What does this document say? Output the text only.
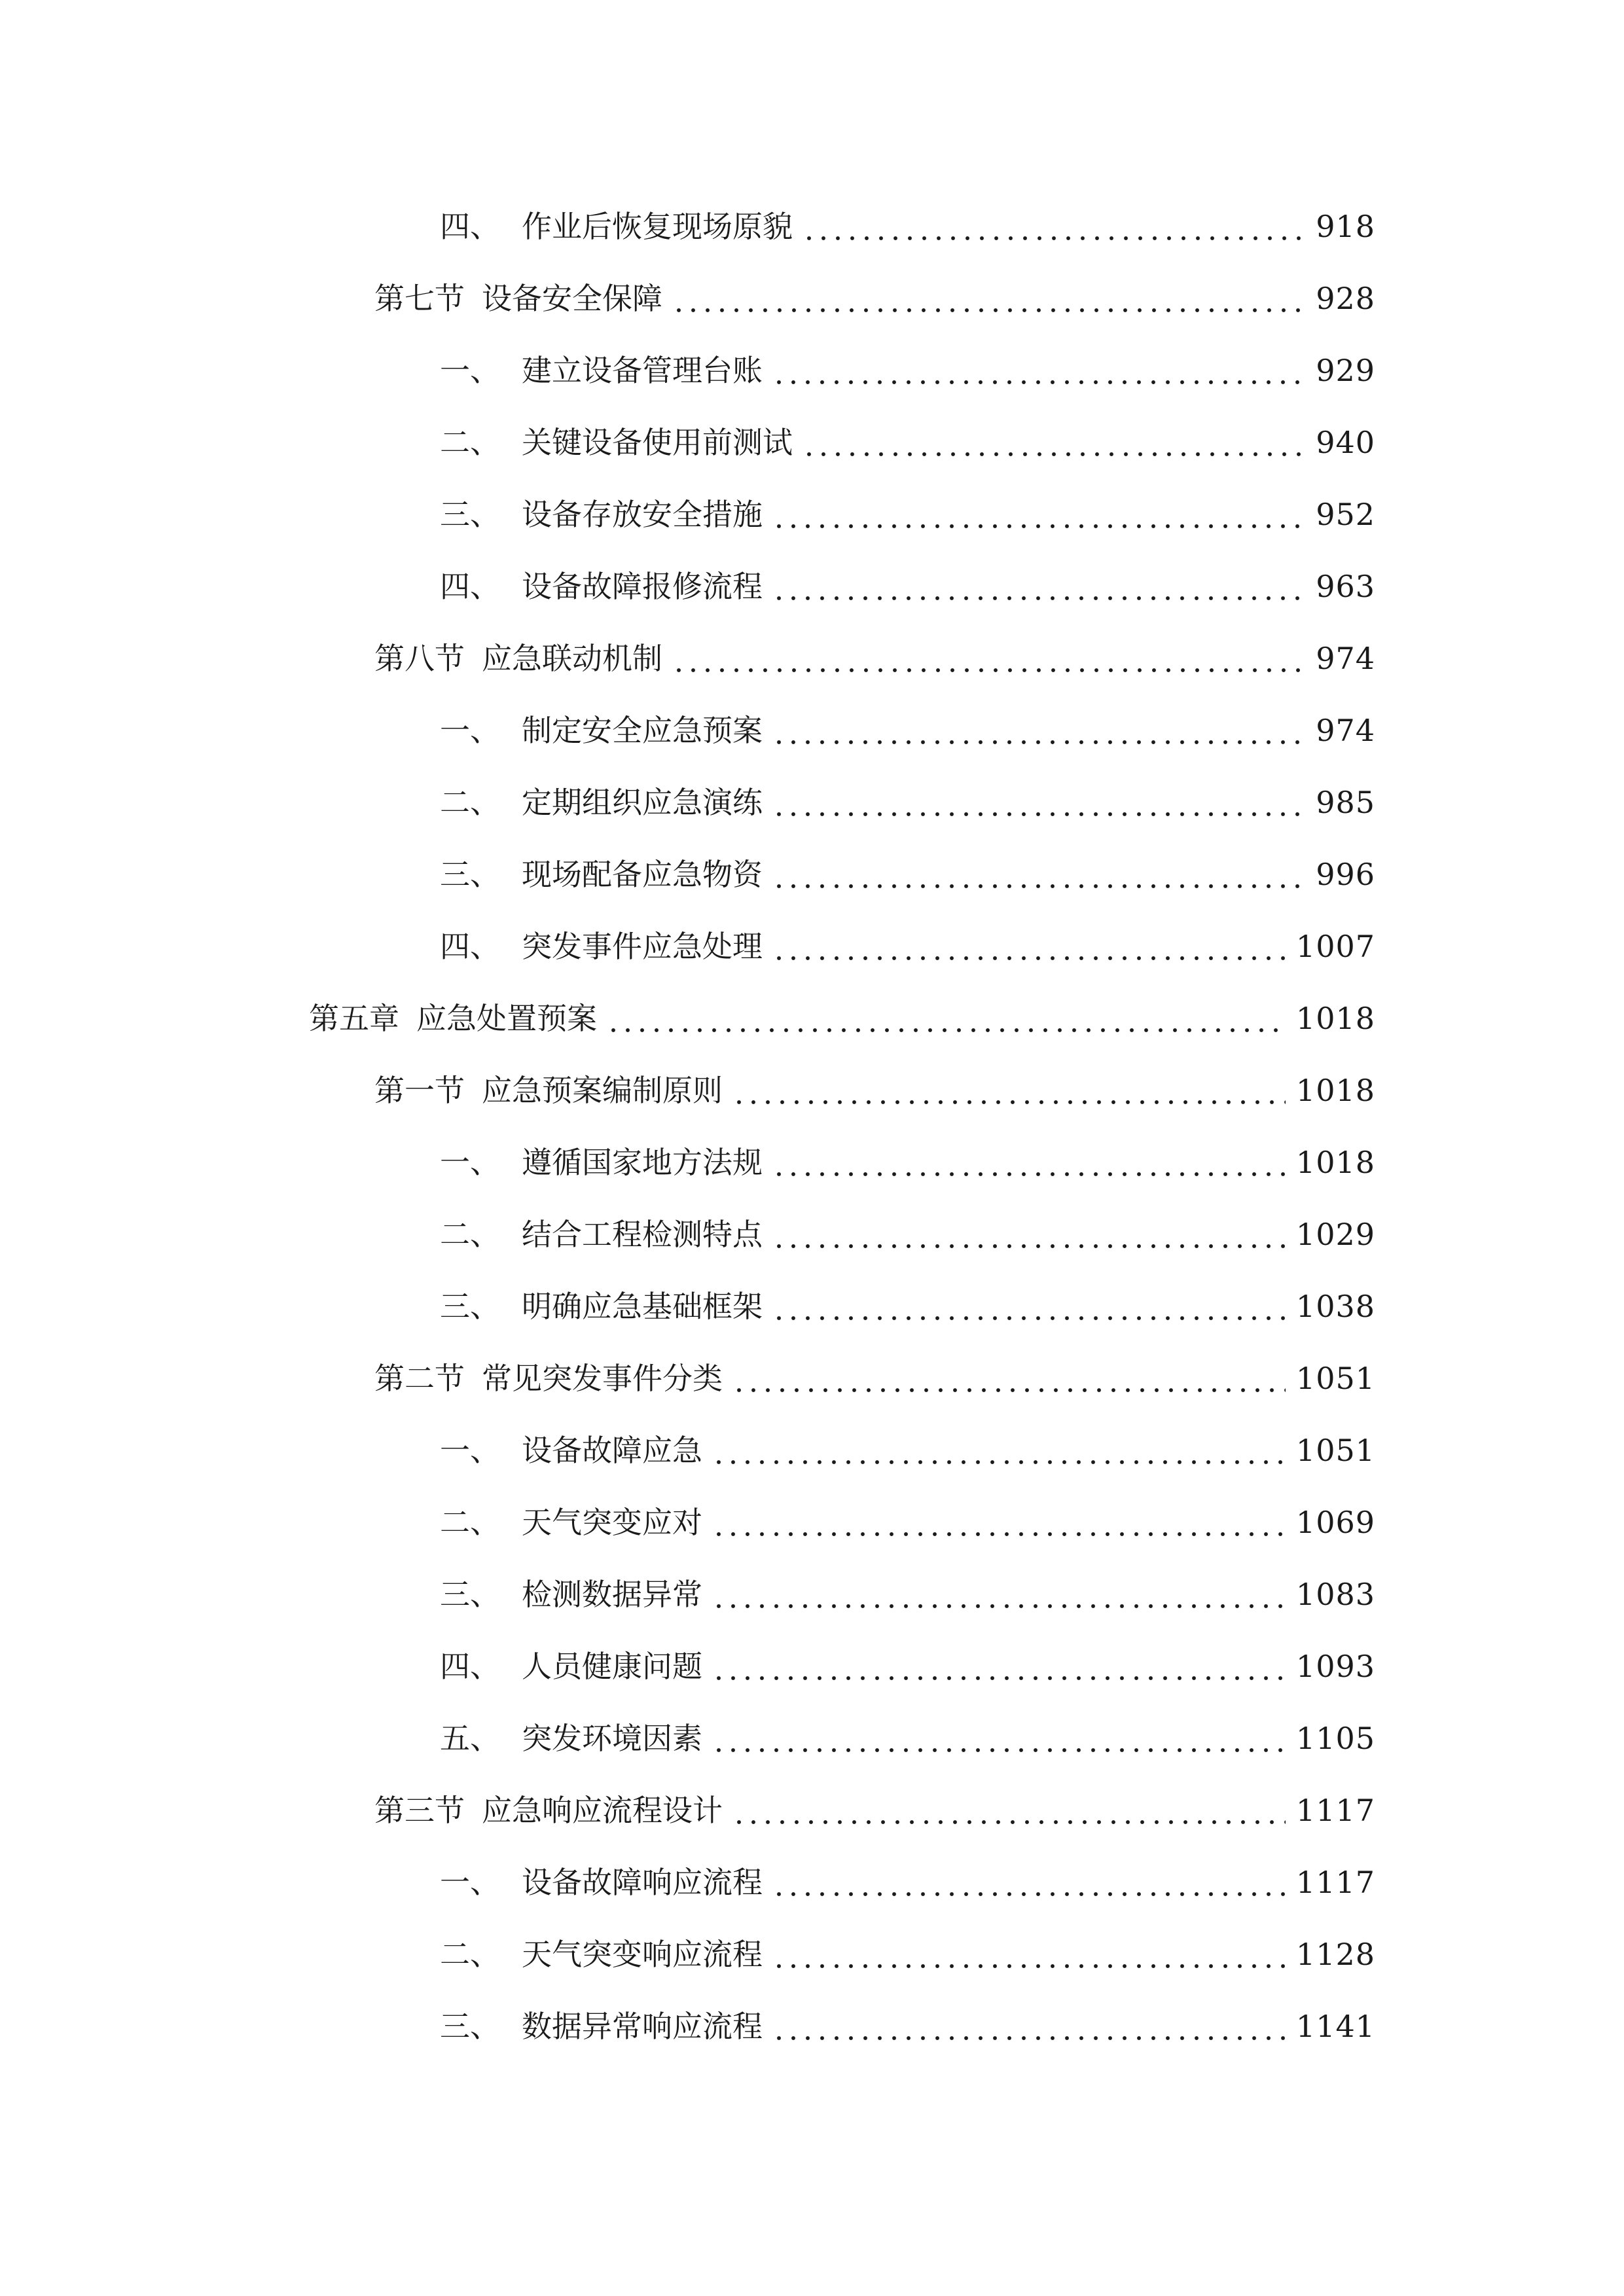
四、 作业后恢复现场原貌	918
第七节 设备安全保障	928
一、 建立设备管理台账	929
二、 关键设备使用前测试	940
三、 设备存放安全措施	952
四、 设备故障报修流程	963
第八节 应急联动机制	974
一、 制定安全应急预案	974
二、 定期组织应急演练	985
三、 现场配备应急物资	996
四、 突发事件应急处理	1007
第五章 应急处置预案	1018
第一节 应急预案编制原则	1018
一、 遵循国家地方法规	1018
二、 结合工程检测特点	1029
三、 明确应急基础框架	1038
第二节 常见突发事件分类	1051
一、 设备故障应急	1051
二、 天气突变应对	1069
三、 检测数据异常	1083
四、 人员健康问题	1093
五、 突发环境因素	1105
第三节 应急响应流程设计	1117
一、 设备故障响应流程	1117
二、 天气突变响应流程	1128
三、 数据异常响应流程	1141
